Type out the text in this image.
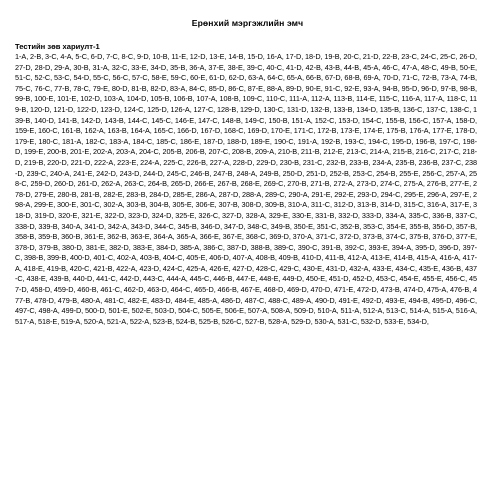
Ерөнхий мэргэжлийн эмч
Тестийн зөв хариулт-1
1-A, 2-B, 3-C, 4-A, 5-C, 6-D, 7-C, 8-C, 9-D, 10-B, 11-E, 12-D, 13-E, 14-B, 15-D, 16-A, 17-D, 18-D, 19-B, 20-C, 21-D, 22-B, 23-C, 24-C, 25-C, 26-D, 27-D, 28-D, 29-A, 30-B, 31-A, 32-C, 33-E, 34-D, 35-B, 36-A, 37-E, 38-E, 39-C, 40-C, 41-D, 42-B, 43-B, 44-B, 45-A, 46-C, 47-A, 48-C, 49-B, 50-E, 51-C, 52-C, 53-C, 54-D, 55-C, 56-C, 57-C, 58-E, 59-C, 60-E, 61-D, 62-D, 63-A, 64-C, 65-A, 66-B, 67-D, 68-B, 69-A, 70-D, 71-C, 72-B, 73-A, 74-B, 75-C, 76-C, 77-B, 78-C, 79-E, 80-D, 81-B, 82-D, 83-A, 84-C, 85-D, 86-C, 87-E, 88-A, 89-D, 90-E, 91-C, 92-E, 93-A, 94-B, 95-D, 96-D, 97-B, 98-B, 99-B, 100-E, 101-E, 102-D, 103-A, 104-D, 105-B, 106-B, 107-A, 108-B, 109-C, 110-C, 111-A, 112-A, 113-B, 114-E, 115-C, 116-A, 117-A, 118-C, 119-B, 120-D, 121-D, 122-D, 123-D, 124-C, 125-D, 126-A, 127-C, 128-B, 129-D, 130-C, 131-D, 132-B, 133-B, 134-D, 135-B, 136-C, 137-C, 138-C, 139-B, 140-D, 141-B, 142-D, 143-B, 144-C, 145-C, 146-E, 147-C, 148-B, 149-C, 150-B, 151-A, 152-C, 153-D, 154-C, 155-B, 156-C, 157-A, 158-D, 159-E, 160-C, 161-B, 162-A, 163-B, 164-A, 165-C, 166-D, 167-D, 168-C, 169-D, 170-E, 171-C, 172-B, 173-E, 174-E, 175-B, 176-A, 177-E, 178-D, 179-E, 180-C, 181-A, 182-C, 183-A, 184-C, 185-C, 186-E, 187-D, 188-D, 189-E, 190-C, 191-A, 192-B, 193-C, 194-C, 195-D, 196-B, 197-C, 198-D, 199-E, 200-B, 201-E, 202-A, 203-A, 204-C, 205-B, 206-B, 207-C, 208-B, 209-A, 210-B, 211-B, 212-E, 213-C, 214-A, 215-B, 216-C, 217-C, 218-D, 219-B, 220-D, 221-D, 222-A, 223-E, 224-A, 225-C, 226-B, 227-A, 228-D, 229-D, 230-B, 231-C, 232-B, 233-B, 234-A, 235-B, 236-B, 237-C, 238-D, 239-C, 240-A, 241-E, 242-D, 243-D, 244-D, 245-C, 246-B, 247-B, 248-A, 249-B, 250-D, 251-D, 252-B, 253-C, 254-B, 255-E, 256-C, 257-A, 258-C, 259-D, 260-D, 261-D, 262-A, 263-C, 264-B, 265-D, 266-E, 267-B, 268-E, 269-C, 270-B, 271-B, 272-A, 273-D, 274-C, 275-A, 276-B, 277-E, 278-D, 279-E, 280-B, 281-B, 282-E, 283-B, 284-D, 285-E, 286-A, 287-D, 288-A, 289-C, 290-A, 291-E, 292-E, 293-D, 294-C, 295-E, 296-A, 297-E, 298-A, 299-E, 300-E, 301-C, 302-A, 303-B, 304-B, 305-E, 306-E, 307-B, 308-D, 309-B, 310-A, 311-C, 312-D, 313-B, 314-D, 315-C, 316-A, 317-E, 318-D, 319-D, 320-E, 321-E, 322-D, 323-D, 324-D, 325-E, 326-C, 327-D, 328-A, 329-E, 330-E, 331-B, 332-D, 333-D, 334-A, 335-C, 336-B, 337-C, 338-D, 339-B, 340-A, 341-D, 342-A, 343-D, 344-C, 345-B, 346-D, 347-D, 348-C, 349-B, 350-E, 351-C, 352-B, 353-C, 354-E, 355-B, 356-D, 357-B, 358-B, 359-B, 360-B, 361-E, 362-B, 363-E, 364-A, 365-A, 366-E, 367-E, 368-C, 369-D, 370-A, 371-C, 372-D, 373-B, 374-C, 375-B, 376-D, 377-E, 378-D, 379-B, 380-D, 381-E, 382-D, 383-E, 384-D, 385-A, 386-C, 387-D, 388-B, 389-C, 390-C, 391-B, 392-C, 393-E, 394-A, 395-D, 396-D, 397-C, 398-B, 399-B, 400-D, 401-C, 402-A, 403-B, 404-C, 405-E, 406-D, 407-A, 408-B, 409-B, 410-D, 411-B, 412-A, 413-E, 414-B, 415-A, 416-A, 417-A, 418-E, 419-B, 420-C, 421-B, 422-A, 423-D, 424-C, 425-A, 426-E, 427-D, 428-C, 429-C, 430-E, 431-D, 432-A, 433-E, 434-C, 435-E, 436-B, 437-C, 438-E, 439-B, 440-D, 441-C, 442-D, 443-C, 444-A, 445-C, 446-B, 447-E, 448-E, 449-D, 450-E, 451-D, 452-D, 453-C, 454-E, 455-E, 456-C, 457-D, 458-D, 459-D, 460-B, 461-C, 462-D, 463-D, 464-C, 465-D, 466-B, 467-E, 468-D, 469-D, 470-D, 471-E, 472-D, 473-B, 474-D, 475-A, 476-B, 477-B, 478-D, 479-B, 480-A, 481-C, 482-E, 483-D, 484-E, 485-A, 486-D, 487-C, 488-C, 489-A, 490-D, 491-E, 492-D, 493-E, 494-B, 495-D, 496-C, 497-C, 498-A, 499-D, 500-D, 501-E, 502-E, 503-D, 504-C, 505-E, 506-E, 507-A, 508-A, 509-D, 510-A, 511-A, 512-A, 513-C, 514-A, 515-A, 516-A, 517-A, 518-E, 519-A, 520-A, 521-A, 522-A, 523-B, 524-B, 525-B, 526-C, 527-B, 528-A, 529-D, 530-A, 531-C, 532-D, 533-E, 534-D,
